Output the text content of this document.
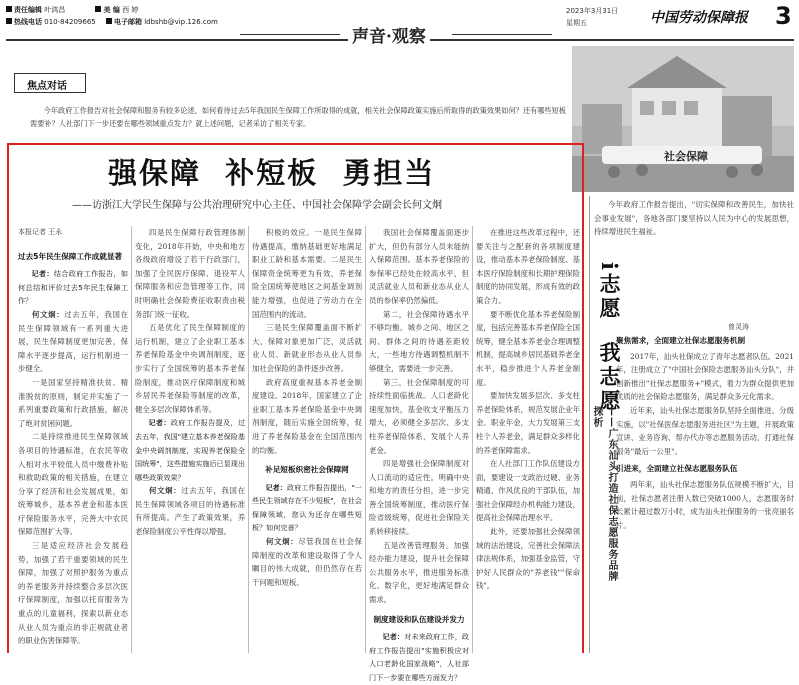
责任编辑 叶鸿昌	美 编 西 婷
热线电话 010-84209665	电子邮箱 ldbshb@vip.126.com
2023年3月31日
星期五	中国劳动保障报 3
声音·观察
焦点对话

今年政府工作报告对社会保障和服务有较多论述，如何看待过去5年我国民生保障工作所取得的成就，相关社会保障政策实施后所取得的政策效果如何？还有哪些短板需要补？人社部门下一步还要在哪些领域重点发力？就上述问题，记者采访了相关专家。

社会保障
强保障  补短板  勇担当
——访浙江大学民生保障与公共治理研究中心主任、中国社会保障学会副会长何文炯
本报记者 王永
过去5年民生保障工作成就显著

记者：结合政府工作报告，如何总结和评价过去5年民生保障工作？

何文炯：过去五年，我国在民生保障领域有一系列重大进展，民生保障制度更加完善，保障水平逐步提高，运行机制进一步健全。

一是国家坚持精准扶贫、精准脱贫的原则，制定并实施了一系列重要政策和行政措施，解决了绝对贫困问题。

二是持续推进民生保障领域各项目的待遇标准，在农民等收入相对水平较低人员中缴费补贴和救助政策的相关措施，在建立分享了经济和社会发展成果，如统筹城乡，基本养老金和基本医疗保险服务水平，完善大中农民保障范围扩大等。

三是适应经济社会发展趋势，加强了若干重要领域的民生保障，加强了对照护服务为重点的养老服务并持续整合多层次医疗保障制度，加强以托育服务为重点的儿童福利，探索以新业态从业人员为重点的非正规就业者的职业伤害保障等。

四是民生保障行政管理体制变化，2018年开始，中央和地方各级政府增设了若干行政部门，加强了全民医疗保障、退役军人保障服务和应急管理等工作，同时明确社会保险费征收职责由税务部门统一征收。

五是优化了民生保障制度的运行机制，建立了企业职工基本养老保险基金中央调剂制度，逐步实行了全国统筹的基本养老保险制度，推动医疗保障制度和城乡居民养老保险等制度的改革，健全多层次保障体系等。

记者：政府工作报告提及，过去五年，我国"建立基本养老保险基金中央调剂制度，实现养老保险全国统筹"，这些措施实施后已显现出哪些政策效果？

何文炯：过去五年，我国在民生保障领域各项目的待遇标准有所提高。产生了政策效果，养老保险制度公平性得以增强。

积极的效应。一是民生保障待遇提高，缴纳基础更好地满足职业工龄和基本需要。二是民生保障资金统筹更为有效，养老保险全国统筹使地区之间基金调剂能力增强，也促进了劳动力在全国范围内的流动。

三是民生保障覆盖面不断扩大，保障对象更加广泛，灵活就业人员、新就业形态从业人员参加社会保险的条件逐步改善。

政府高度重视基本养老金制度建设。2018年，国家建立了企业职工基本养老保险基金中央调剂制度，随后实施全国统筹，促进了养老保险基金在全国范围内的均衡。

补足短板织密社会保障网

记者：政府工作报告提出，"一些民生领域存在不少短板"，在社会保障领域，您认为还存在哪些短板？如何完善？

何文炯：尽管我国在社会保障制度的改革和建设取得了令人瞩目的伟大成就，但仍然存在若干问题和短板。

我国社会保障覆盖面逐步扩大，但仍有部分人员未能纳入保障范围。基本养老保险的参保率已经处在较高水平，但灵活就业人员和新业态从业人员的参保率仍然偏低。

第二，社会保障待遇水平不够均衡。城乡之间、地区之间、群体之间的待遇差距较大，一些地方待遇调整机制不够健全，需要进一步完善。

第三，社会保障制度的可持续性面临挑战。人口老龄化速度加快，基金收支平衡压力增大，必须健全多层次、多支柱养老保险体系，发展个人养老金。

四是增强社会保障制度对人口流动的适应性。明确中央和地方的责任分担，进一步完善全国统筹制度，推动医疗保险省级统筹，促进社会保险关系转移接续。

五是改善管理服务。加强经办能力建设，提升社会保障公共服务水平，推进服务标准化、数字化，更好地满足群众需求。

制度建设和队伍建设并发力

记者：对未来政府工作，政府工作报告提出"实施积极应对人口老龄化国家战略"，人社部门下一步要在哪些方面发力？

在推进这些改革过程中，还要关注与之配套的各项制度建设，推动基本养老保险制度、基本医疗保险制度和长期护理保险制度的协同发展，形成有效的政策合力。

要不断优化基本养老保险制度，包括完善基本养老保险全国统筹，健全基本养老金合理调整机制，提高城乡居民基础养老金水平，稳步推进个人养老金制度。

要加快发展多层次、多支柱养老保险体系，规范发展企业年金、职业年金，大力发展第三支柱个人养老金，满足群众多样化的养老保障需求。

在人社部门工作队伍建设方面，要建设一支政治过硬、业务精通、作风优良的干部队伍，加强社会保障经办机构能力建设，提高社会保障治理水平。

此外，还要加强社会保障领域的法治建设，完善社会保障法律法规体系，加强基金监管，守护好人民群众的"养老钱""保命钱"。

今年政府工作报告提出，"切实保障和改善民生，加快社会事业发展"，各地各部门要坚持以人民为中心的发展思想，持续增进民生福祉。

i志愿  我志愿
——广东汕头打造社保志愿服务品牌探析
曾灵涛
聚焦需求，全面建立社保志愿服务机制

2017年，汕头社保成立了青年志愿者队伍。2021年，注册成立了"中国社会保险志愿服务汕头分队"，并创新推出"社保志愿服务+"模式，着力为群众提供更加优质的社会保险志愿服务，满足群众多元化需求。

近年来，汕头社保志愿服务队坚持全面推进、分级实施，以"社保医保志愿服务进社区"为主题，开展政策宣讲、业务咨询、帮办代办等志愿服务活动，打通社保服务"最后一公里"。

引进来，全面建立社保志愿服务队伍

两年来，汕头社保志愿服务队伍规模不断扩大，目前，社保志愿者注册人数已突破1000人，志愿服务时长累计超过数万小时，成为汕头社保服务的一张亮丽名片。
